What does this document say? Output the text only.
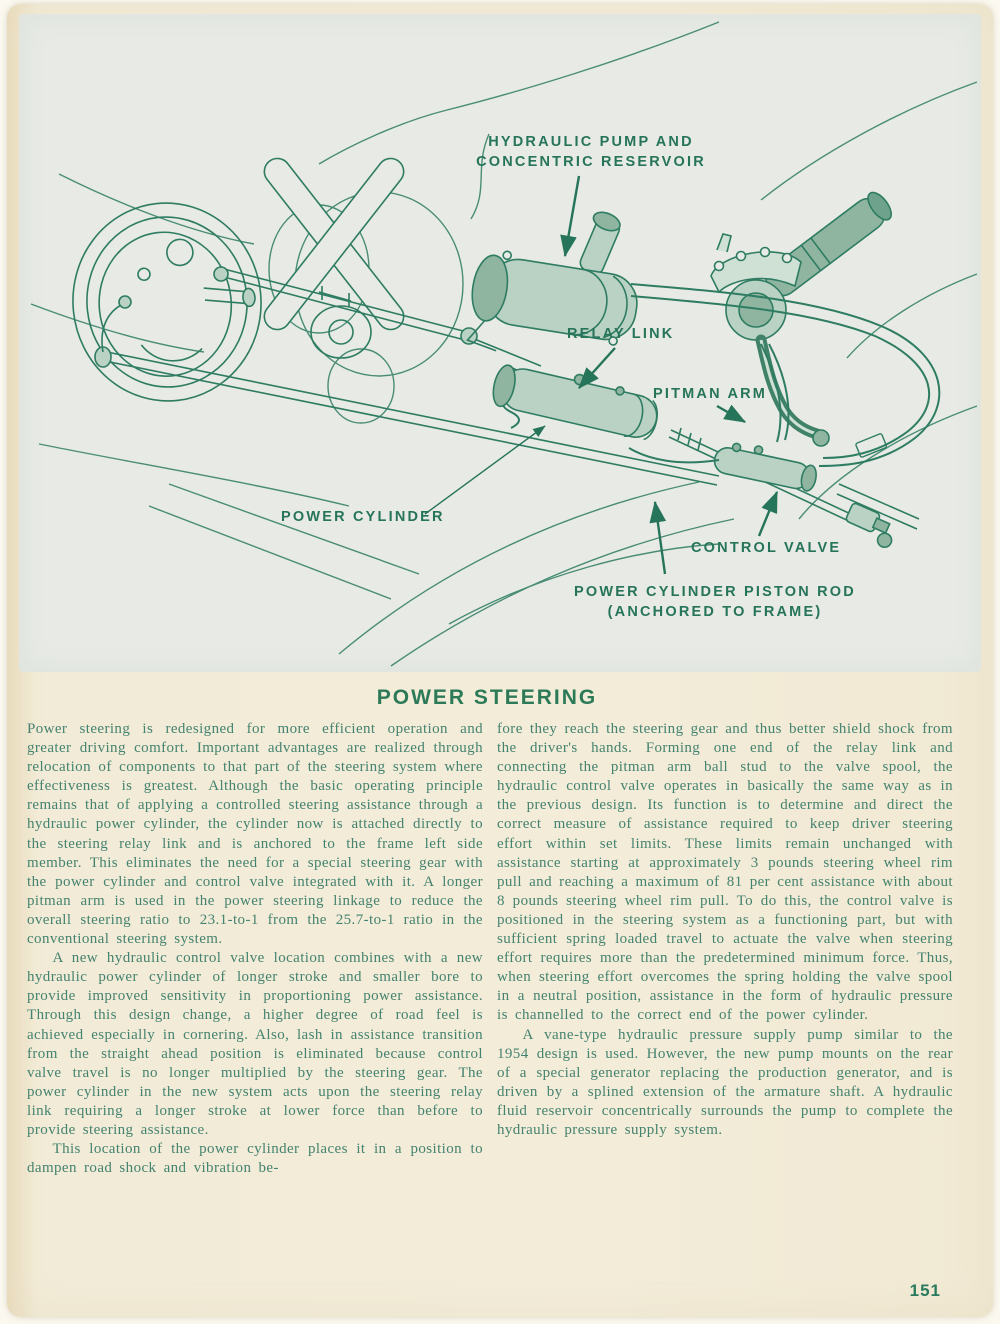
HYDRAULIC PUMP AND
CONCENTRIC RESERVOIR
RELAY LINK
PITMAN ARM
POWER CYLINDER
CONTROL VALVE
POWER CYLINDER PISTON ROD
(ANCHORED TO FRAME)
POWER STEERING

Power steering is redesigned for more efficient operation and greater driving comfort. Important advantages are realized through relocation of components to that part of the steering system where effectiveness is greatest. Although the basic operating principle remains that of applying a controlled steering assistance through a hydraulic power cylinder, the cylinder now is attached directly to the steering relay link and is anchored to the frame left side member. This eliminates the need for a special steering gear with the power cylinder and control valve integrated with it. A longer pitman arm is used in the power steering linkage to reduce the overall steering ratio to 23.1-to-1 from the 25.7-to-1 ratio in the conventional steering system.

A new hydraulic control valve location combines with a new hydraulic power cylinder of longer stroke and smaller bore to provide improved sensitivity in proportioning power assistance. Through this design change, a higher degree of road feel is achieved especially in cornering. Also, lash in assistance transition from the straight ahead position is eliminated because control valve travel is no longer multiplied by the steering gear. The power cylinder in the new system acts upon the steering relay link requiring a longer stroke at lower force than before to provide steering assistance.

This location of the power cylinder places it in a position to dampen road shock and vibration be-

fore they reach the steering gear and thus better shield shock from the driver's hands. Forming one end of the relay link and connecting the pitman arm ball stud to the valve spool, the hydraulic control valve operates in basically the same way as in the previous design. Its function is to determine and direct the correct measure of assistance required to keep driver steering effort within set limits. These limits remain unchanged with assistance starting at approximately 3 pounds steering wheel rim pull and reaching a maximum of 81 per cent assistance with about 8 pounds steering wheel rim pull. To do this, the control valve is positioned in the steering system as a functioning part, but with sufficient spring loaded travel to actuate the valve when steering effort requires more than the predetermined minimum force. Thus, when steering effort overcomes the spring holding the valve spool in a neutral position, assistance in the form of hydraulic pressure is channelled to the correct end of the power cylinder.

A vane-type hydraulic pressure supply pump similar to the 1954 design is used. However, the new pump mounts on the rear of a special generator replacing the production generator, and is driven by a splined extension of the armature shaft. A hydraulic fluid reservoir concentrically surrounds the pump to complete the hydraulic pressure supply system.

151
